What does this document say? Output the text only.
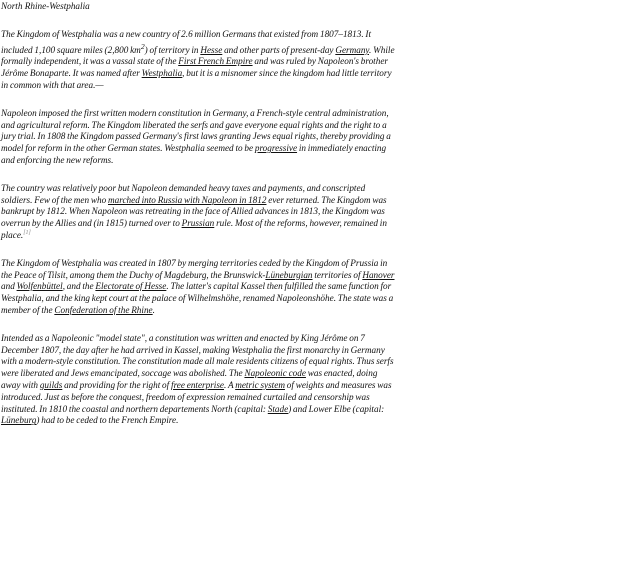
North Rhine-Westphalia

The Kingdom of Westphalia was a new country of 2.6 million Germans that existed from 1807–1813. It included 1,100 square miles (2,800 $km^2$) of territory in Hesse and other parts of present-day Germany. While formally independent, it was a vassal state of the First French Empire and was ruled by Napoleon's brother Jérôme Bonaparte. It was named after Westphalia, but it is a misnomer since the kingdom had little territory in common with that area.—

Napoleon imposed the first written modern constitution in Germany, a French-style central administration, and agricultural reform. The Kingdom liberated the serfs and gave everyone equal rights and the right to a jury trial. In 1808 the Kingdom passed Germany's first laws granting Jews equal rights, thereby providing a model for reform in the other German states. Westphalia seemed to be progressive in immediately enacting and enforcing the new reforms.

The country was relatively poor but Napoleon demanded heavy taxes and payments, and conscripted soldiers. Few of the men who marched into Russia with Napoleon in 1812 ever returned. The Kingdom was bankrupt by 1812. When Napoleon was retreating in the face of Allied advances in 1813, the Kingdom was overrun by the Allies and (in 1815) turned over to Prussian rule. Most of the reforms, however, remained in place.[1]

The Kingdom of Westphalia was created in 1807 by merging territories ceded by the Kingdom of Prussia in the Peace of Tilsit, among them the Duchy of Magdeburg, the Brunswick-Lüneburgian territories of Hanover and Wolfenbüttel, and the Electorate of Hesse. The latter's capital Kassel then fulfilled the same function for Westphalia, and the king kept court at the palace of Wilhelmshöhe, renamed Napoleonshöhe. The state was a member of the Confederation of the Rhine.

Intended as a Napoleonic "model state", a constitution was written and enacted by King Jérôme on 7 December 1807, the day after he had arrived in Kassel, making Westphalia the first monarchy in Germany with a modern-style constitution. The constitution made all male residents citizens of equal rights. Thus serfs were liberated and Jews emancipated, soccage was abolished. The Napoleonic code was enacted, doing away with guilds and providing for the right of free enterprise. A metric system of weights and measures was introduced. Just as before the conquest, freedom of expression remained curtailed and censorship was instituted. In 1810 the coastal and northern departements North (capital: Stade) and Lower Elbe (capital: Lüneburg) had to be ceded to the French Empire.
